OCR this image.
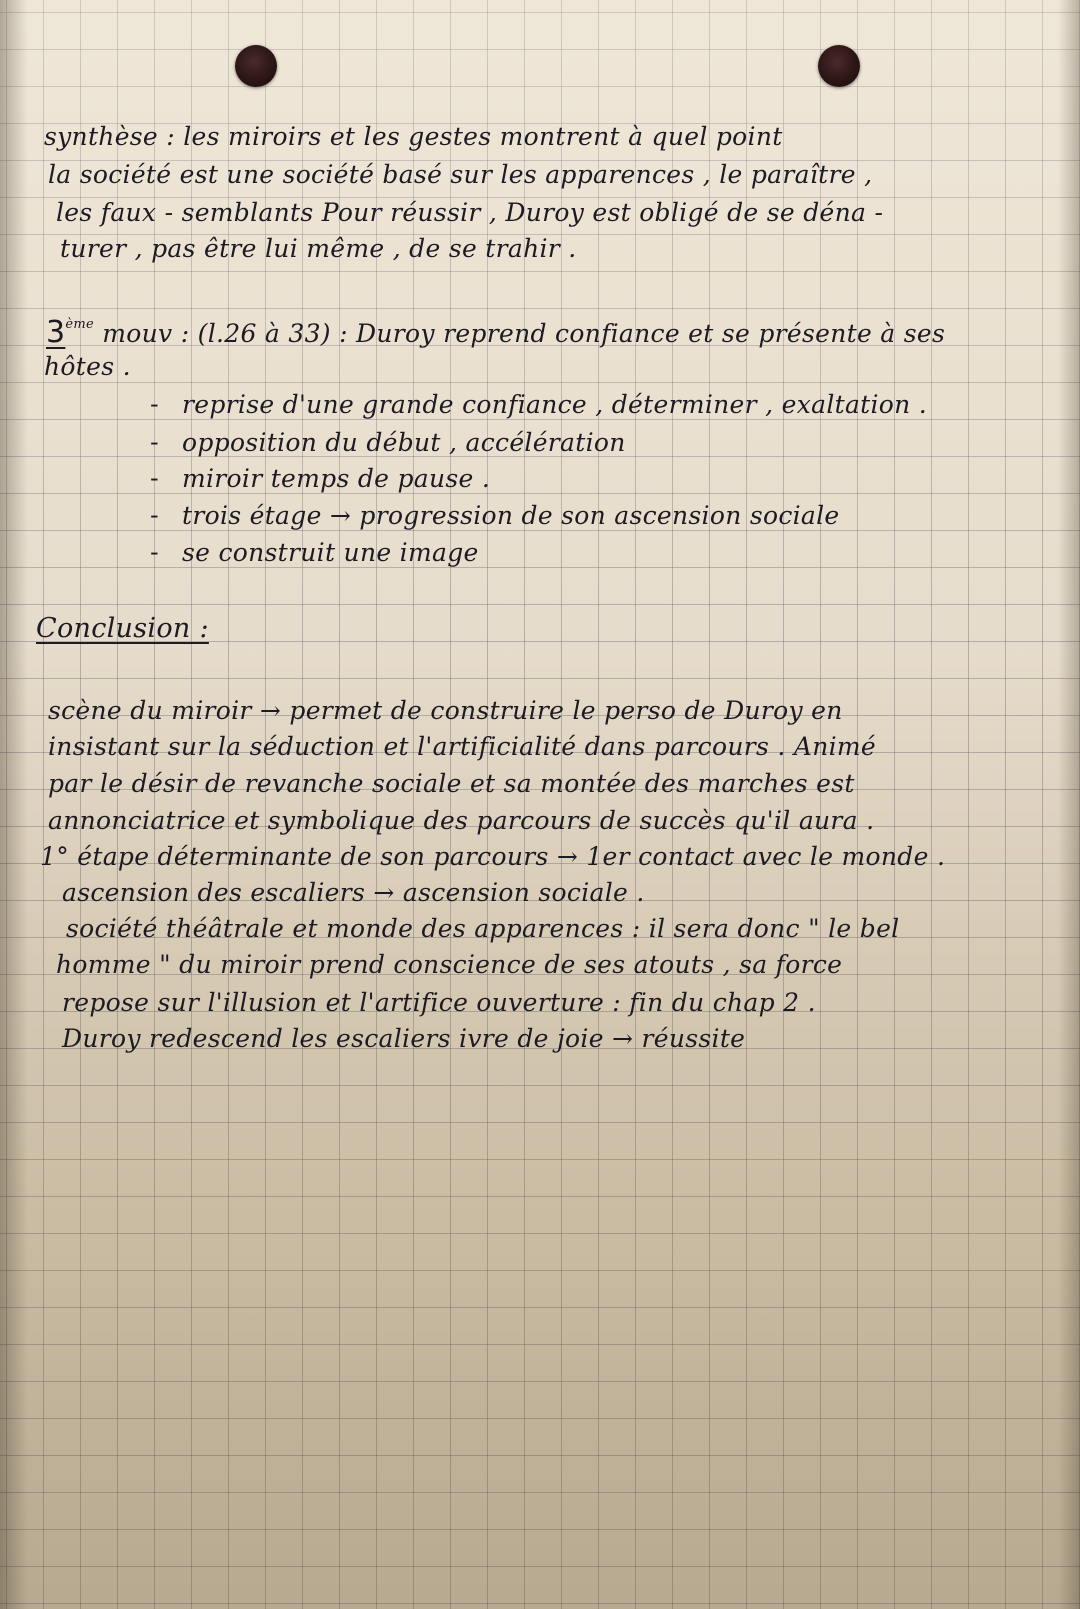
synthèse : les miroirs et les gestes montrent à quel point
la société est une société basé sur les apparences , le paraître ,
les faux - semblants Pour réussir , Duroy est obligé de se déna -
turer , pas être lui même , de se trahir .
3ème mouv : (l.26 à 33) : Duroy reprend confiance et se présente à ses
hôtes .
- reprise d'une grande confiance , déterminer , exaltation .
- opposition du début , accélération
- miroir temps de pause .
- trois étage → progression de son ascension sociale
- se construit une image
Conclusion :
scène du miroir → permet de construire le perso de Duroy en
insistant sur la séduction et l'artificialité dans parcours . Animé
par le désir de revanche sociale et sa montée des marches est
annonciatrice et symbolique des parcours de succès qu'il aura .
1° étape déterminante de son parcours → 1er contact avec le monde .
ascension des escaliers → ascension sociale .
société théâtrale et monde des apparences : il sera donc " le bel
homme " du miroir prend conscience de ses atouts , sa force
repose sur l'illusion et l'artifice ouverture : fin du chap 2 .
Duroy redescend les escaliers ivre de joie → réussite
